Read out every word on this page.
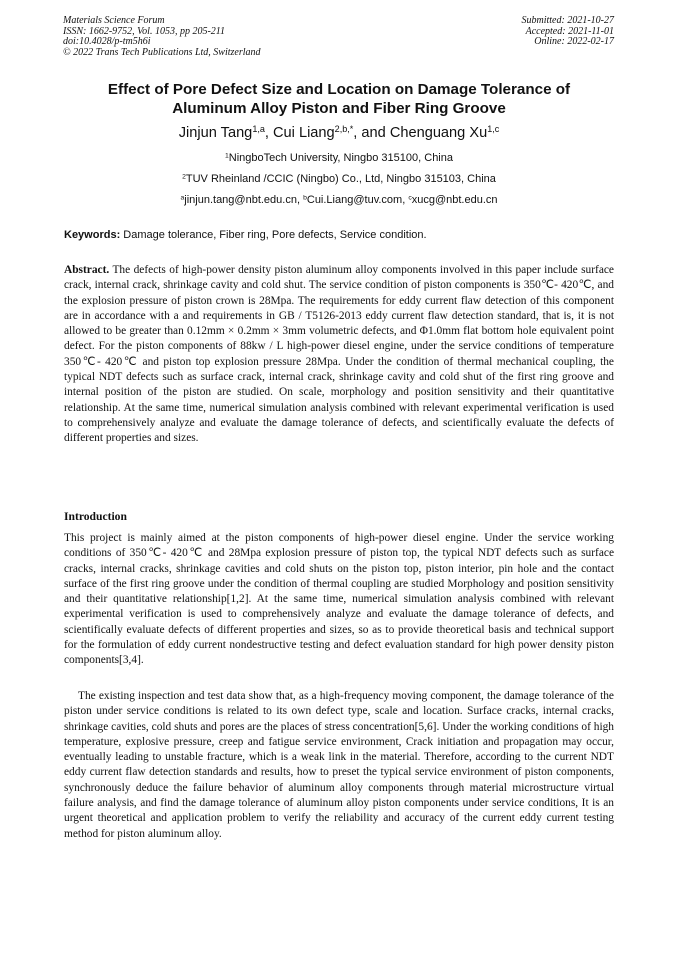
Materials Science Forum
ISSN: 1662-9752, Vol. 1053, pp 205-211
doi:10.4028/p-tm5h6i
© 2022 Trans Tech Publications Ltd, Switzerland
Submitted: 2021-10-27
Accepted: 2021-11-01
Online: 2022-02-17
Effect of Pore Defect Size and Location on Damage Tolerance of
Aluminum Alloy Piston and Fiber Ring Groove
Jinjun Tang$^{1,a}$, Cui Liang$^{2,b,*}$, and Chenguang Xu$^{1,c}$
$^1$NingboTech University, Ningbo 315100, China
$^2$TUV Rheinland /CCIC (Ningbo) Co., Ltd, Ningbo 315103, China
$^a$jinjun.tang@nbt.edu.cn, $^b$Cui.Liang@tuv.com, $^c$xucg@nbt.edu.cn
Keywords: Damage tolerance, Fiber ring, Pore defects, Service condition.

Abstract. The defects of high-power density piston aluminum alloy components involved in this paper include surface crack, internal crack, shrinkage cavity and cold shut. The service condition of piston components is 350℃- 420℃, and the explosion pressure of piston crown is 28Mpa. The requirements for eddy current flaw detection of this component are in accordance with a and requirements in GB / T5126-2013 eddy current flaw detection standard, that is, it is not allowed to be greater than 0.12mm × 0.2mm × 3mm volumetric defects, and Φ1.0mm flat bottom hole equivalent point defect. For the piston components of 88kw / L high-power diesel engine, under the service conditions of temperature 350℃- 420℃ and piston top explosion pressure 28Mpa. Under the condition of thermal mechanical coupling, the typical NDT defects such as surface crack, internal crack, shrinkage cavity and cold shut of the first ring groove and internal position of the piston are studied. On scale, morphology and position sensitivity and their quantitative relationship. At the same time, numerical simulation analysis combined with relevant experimental verification is used to comprehensively analyze and evaluate the damage tolerance of defects, and scientifically evaluate the defects of different properties and sizes.

Introduction

This project is mainly aimed at the piston components of high-power diesel engine. Under the service working conditions of 350℃- 420℃ and 28Mpa explosion pressure of piston top, the typical NDT defects such as surface cracks, internal cracks, shrinkage cavities and cold shuts on the piston top, piston interior, pin hole and the contact surface of the first ring groove under the condition of thermal coupling are studied Morphology and position sensitivity and their quantitative relationship[1,2]. At the same time, numerical simulation analysis combined with relevant experimental verification is used to comprehensively analyze and evaluate the damage tolerance of defects, and scientifically evaluate defects of different properties and sizes, so as to provide theoretical basis and technical support for the formulation of eddy current nondestructive testing and defect evaluation standard for high power density piston components[3,4].

The existing inspection and test data show that, as a high-frequency moving component, the damage tolerance of the piston under service conditions is related to its own defect type, scale and location. Surface cracks, internal cracks, shrinkage cavities, cold shuts and pores are the places of stress concentration[5,6]. Under the working conditions of high temperature, explosive pressure, creep and fatigue service environment, Crack initiation and propagation may occur, eventually leading to unstable fracture, which is a weak link in the material. Therefore, according to the current NDT eddy current flaw detection standards and results, how to preset the typical service environment of piston components, synchronously deduce the failure behavior of aluminum alloy components through material microstructure virtual failure analysis, and find the damage tolerance of aluminum alloy piston components under service conditions, It is an urgent theoretical and application problem to verify the reliability and accuracy of the current eddy current testing method for piston aluminum alloy.
